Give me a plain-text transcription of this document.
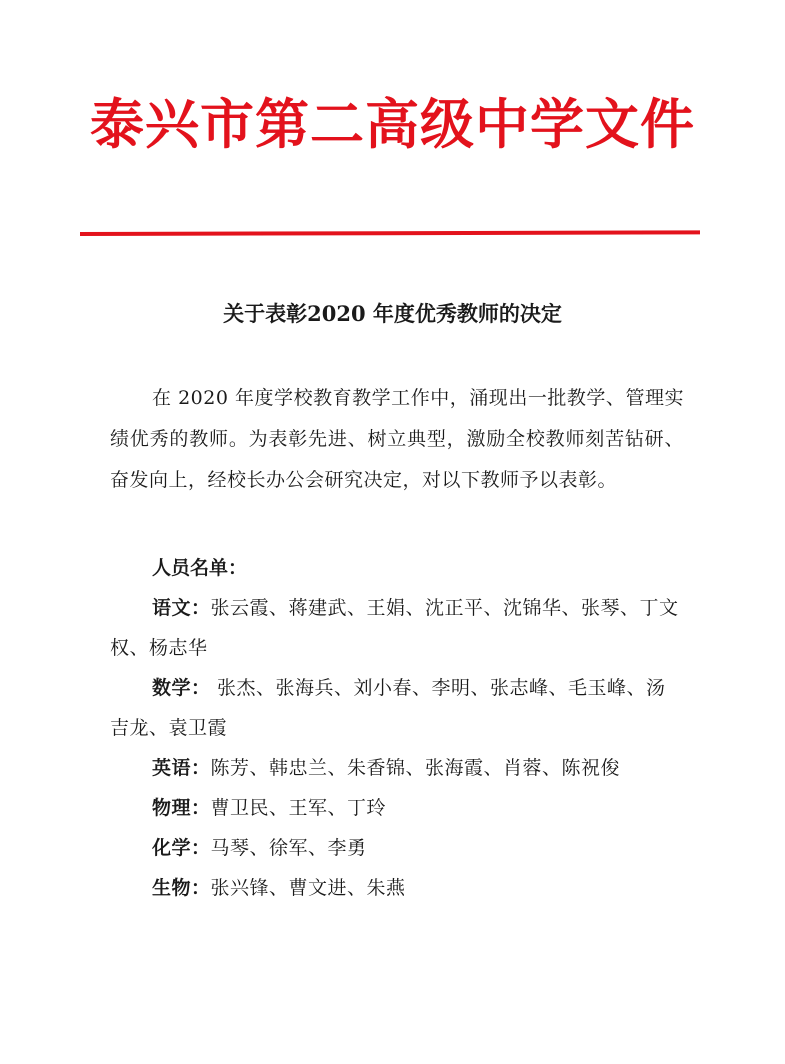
泰兴市第二高级中学文件
关于表彰2020 年度优秀教师的决定
在 2020 年度学校教育教学工作中，涌现出一批教学、管理实绩优秀的教师。为表彰先进、树立典型，激励全校教师刻苦钻研、奋发向上，经校长办公会研究决定，对以下教师予以表彰。
人员名单：
语文：张云霞、蒋建武、王娟、沈正平、沈锦华、张琴、丁文权、杨志华
数学： 张杰、张海兵、刘小春、李明、张志峰、毛玉峰、汤吉龙、袁卫霞
英语：陈芳、韩忠兰、朱香锦、张海霞、肖蓉、陈祝俊
物理：曹卫民、王军、丁玲
化学：马琴、徐军、李勇
生物：张兴锋、曹文进、朱燕
